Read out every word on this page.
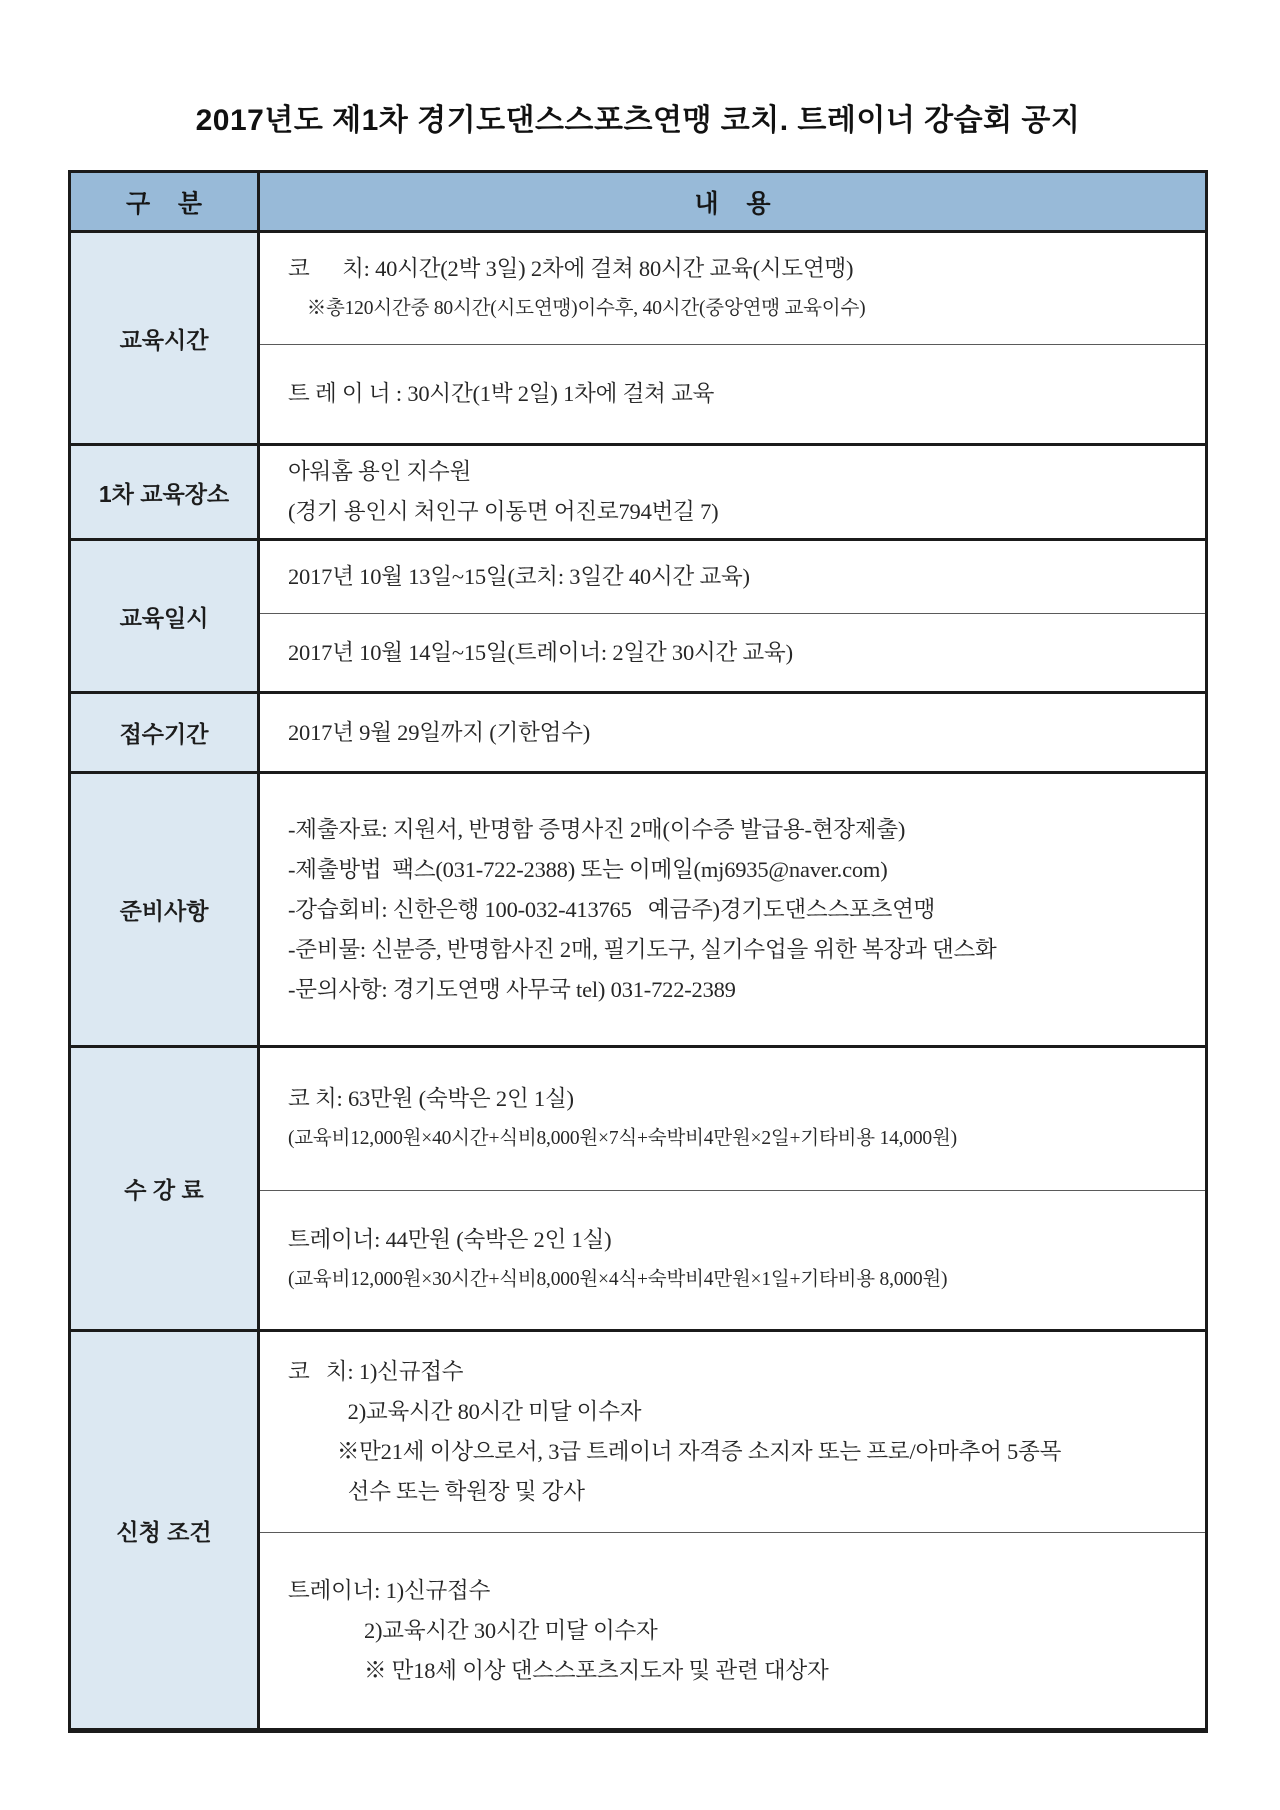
2017년도 제1차 경기도댄스스포츠연맹 코치. 트레이너 강습회 공지
구    분	내    용
교육시간
코      치: 40시간(2박 3일) 2차에 걸쳐 80시간 교육(시도연맹)
※총120시간중 80시간(시도연맹)이수후, 40시간(중앙연맹 교육이수)
트 레 이 너 : 30시간(1박 2일) 1차에 걸쳐 교육
1차 교육장소
아워홈 용인 지수원
(경기 용인시 처인구 이동면 어진로794번길 7)
교육일시
2017년 10월 13일~15일(코치: 3일간 40시간 교육)
2017년 10월 14일~15일(트레이너: 2일간 30시간 교육)
접수기간	2017년 9월 29일까지 (기한엄수)
준비사항
-제출자료: 지원서, 반명함 증명사진 2매(이수증 발급용-현장제출)
-제출방법  팩스(031-722-2388) 또는 이메일(mj6935@naver.com)
-강습회비: 신한은행 100-032-413765   예금주)경기도댄스스포츠연맹
-준비물: 신분증, 반명함사진 2매, 필기도구, 실기수업을 위한 복장과 댄스화
-문의사항: 경기도연맹 사무국 tel) 031-722-2389
수 강 료
코 치: 63만원 (숙박은 2인 1실)
(교육비12,000원×40시간+식비8,000원×7식+숙박비4만원×2일+기타비용 14,000원)
트레이너: 44만원 (숙박은 2인 1실)
(교육비12,000원×30시간+식비8,000원×4식+숙박비4만원×1일+기타비용 8,000원)
신청 조건
코   치: 1)신규접수
2)교육시간 80시간 미달 이수자
※만21세 이상으로서, 3급 트레이너 자격증 소지자 또는 프로/아마추어 5종목
선수 또는 학원장 및 강사
트레이너: 1)신규접수
2)교육시간 30시간 미달 이수자
※ 만18세 이상 댄스스포츠지도자 및 관련 대상자
